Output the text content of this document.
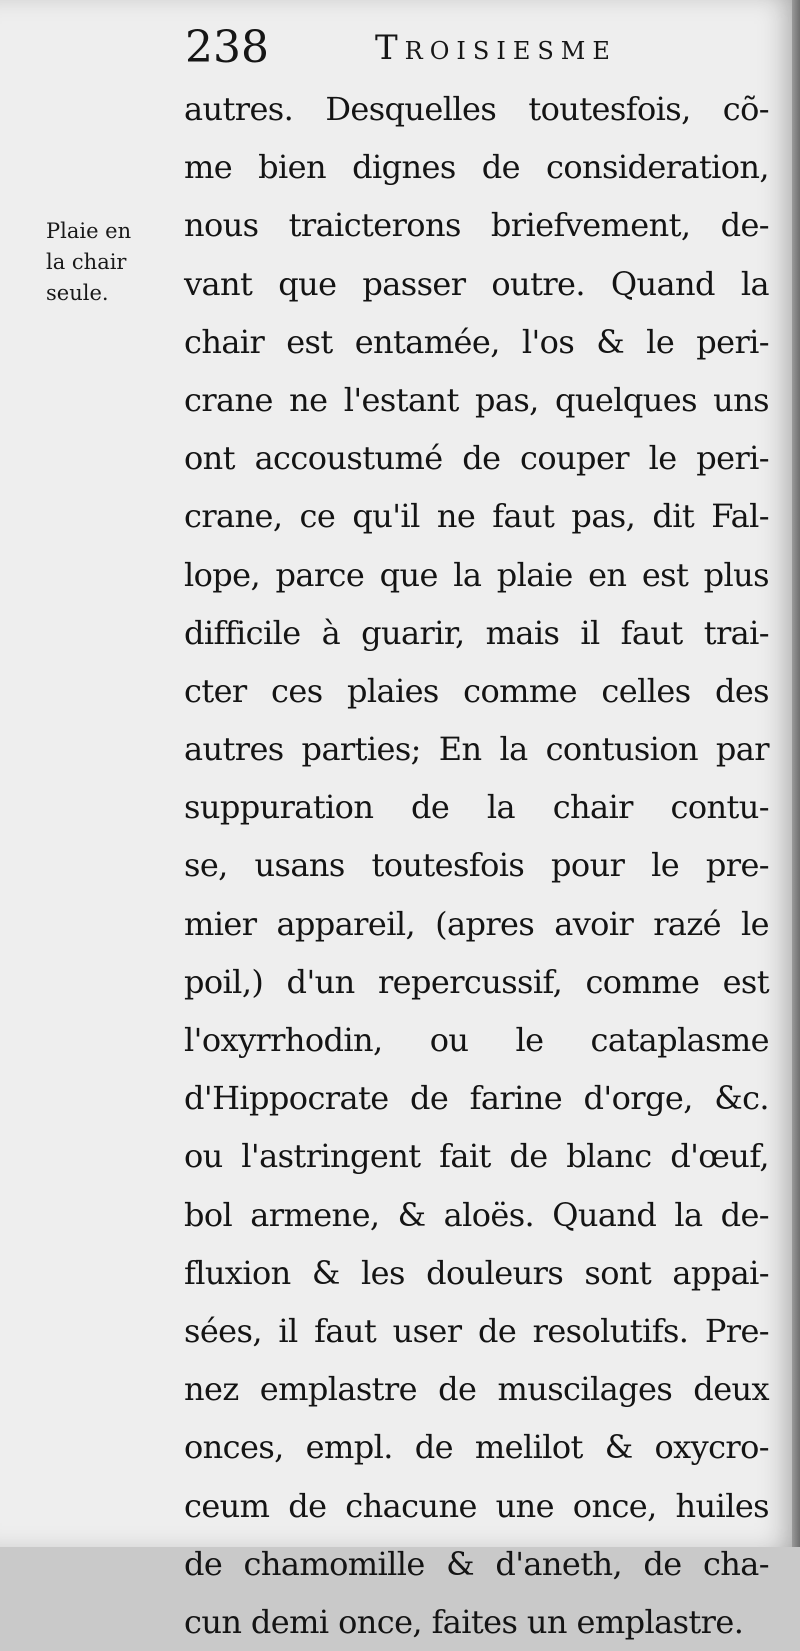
238	Troisiesme
Plaie en
la chair
seule.
autres. Desquelles toutesfois, cõ-
me bien dignes de consideration,
nous traicterons briefvement, de-
vant que passer outre. Quand la
chair est entamée, l'os & le peri-
crane ne l'estant pas, quelques uns
ont accoustumé de couper le peri-
crane, ce qu'il ne faut pas, dit Fal-
lope, parce que la plaie en est plus
difficile à guarir, mais il faut trai-
cter ces plaies comme celles des
autres parties; En la contusion par
suppuration de la chair contu-
se, usans toutesfois pour le pre-
mier appareil, (apres avoir razé le
poil,) d'un repercussif, comme est
l'oxyrrhodin, ou le cataplasme
d'Hippocrate de farine d'orge, &c.
ou l'astringent fait de blanc d'œuf,
bol armene, & aloës. Quand la de-
fluxion & les douleurs sont appai-
sées, il faut user de resolutifs. Pre-
nez emplastre de muscilages deux
onces, empl. de melilot & oxycro-
ceum de chacune une once, huiles
de chamomille & d'aneth, de cha-
cun demi once, faites un emplastre.
